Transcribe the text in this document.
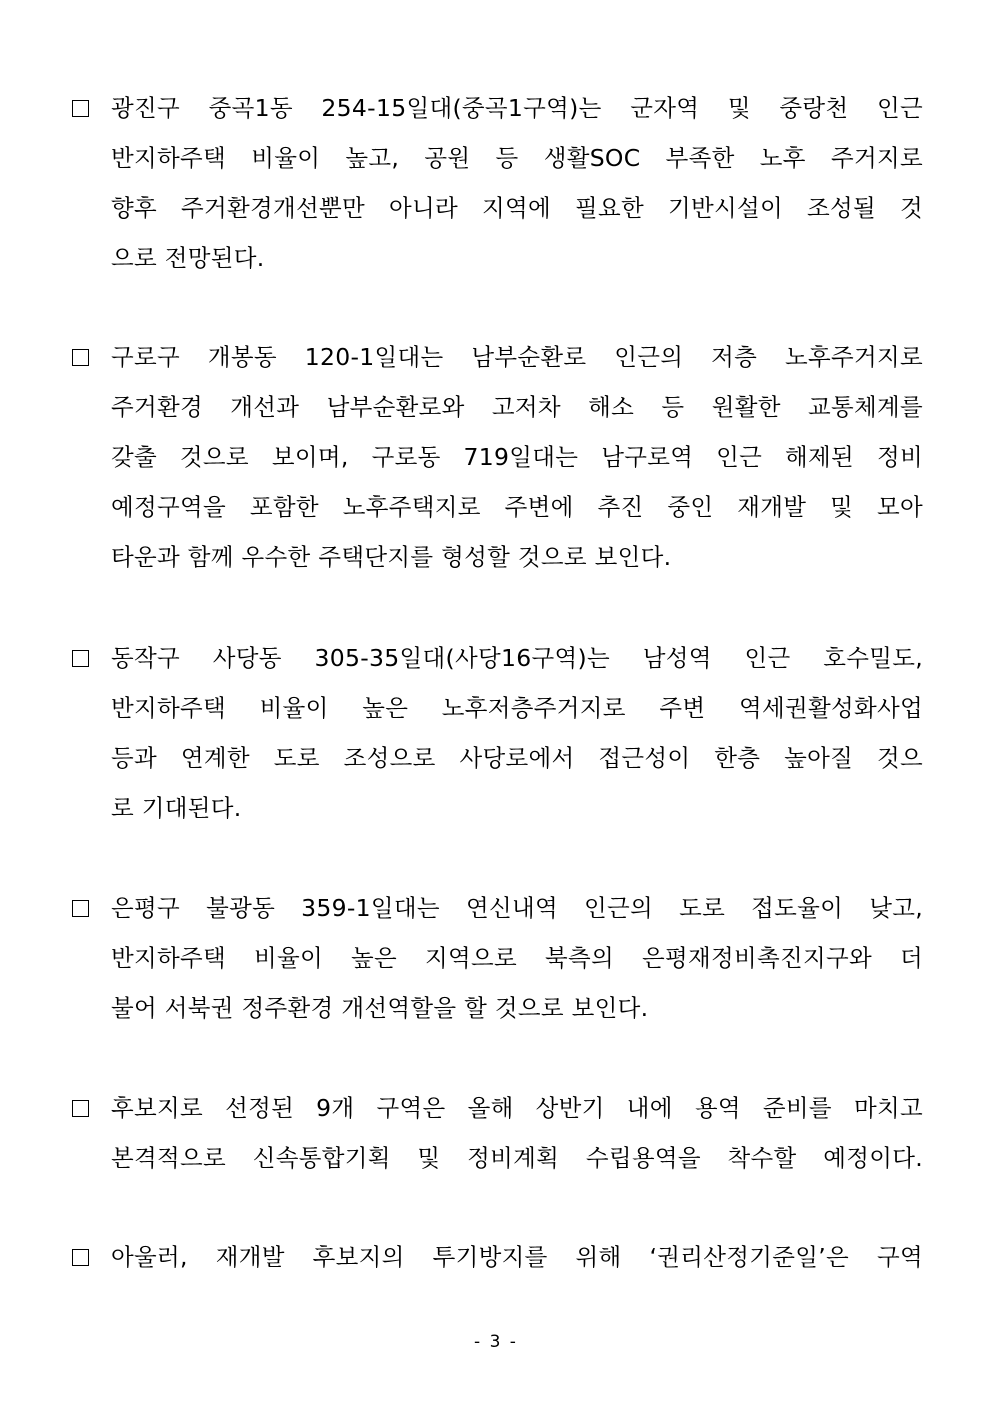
광진구 중곡1동 254-15일대(중곡1구역)는 군자역 및 중랑천 인근
반지하주택 비율이 높고, 공원 등 생활SOC 부족한 노후 주거지로
향후 주거환경개선뿐만 아니라 지역에 필요한 기반시설이 조성될 것
으로 전망된다.
구로구 개봉동 120-1일대는 남부순환로 인근의 저층 노후주거지로
주거환경 개선과 남부순환로와 고저차 해소 등 원활한 교통체계를
갖출 것으로 보이며, 구로동 719일대는 남구로역 인근 해제된 정비
예정구역을 포함한 노후주택지로 주변에 추진 중인 재개발 및 모아
타운과 함께 우수한 주택단지를 형성할 것으로 보인다.
동작구 사당동 305-35일대(사당16구역)는 남성역 인근 호수밀도,
반지하주택 비율이 높은 노후저층주거지로 주변 역세권활성화사업
등과 연계한 도로 조성으로 사당로에서 접근성이 한층 높아질 것으
로 기대된다.
은평구 불광동 359-1일대는 연신내역 인근의 도로 접도율이 낮고,
반지하주택 비율이 높은 지역으로 북측의 은평재정비촉진지구와 더
불어 서북권 정주환경 개선역할을 할 것으로 보인다.
후보지로 선정된 9개 구역은 올해 상반기 내에 용역 준비를 마치고
본격적으로 신속통합기획 및 정비계획 수립용역을 착수할 예정이다.
아울러, 재개발 후보지의 투기방지를 위해 ‘권리산정기준일’은 구역
- 3 -
